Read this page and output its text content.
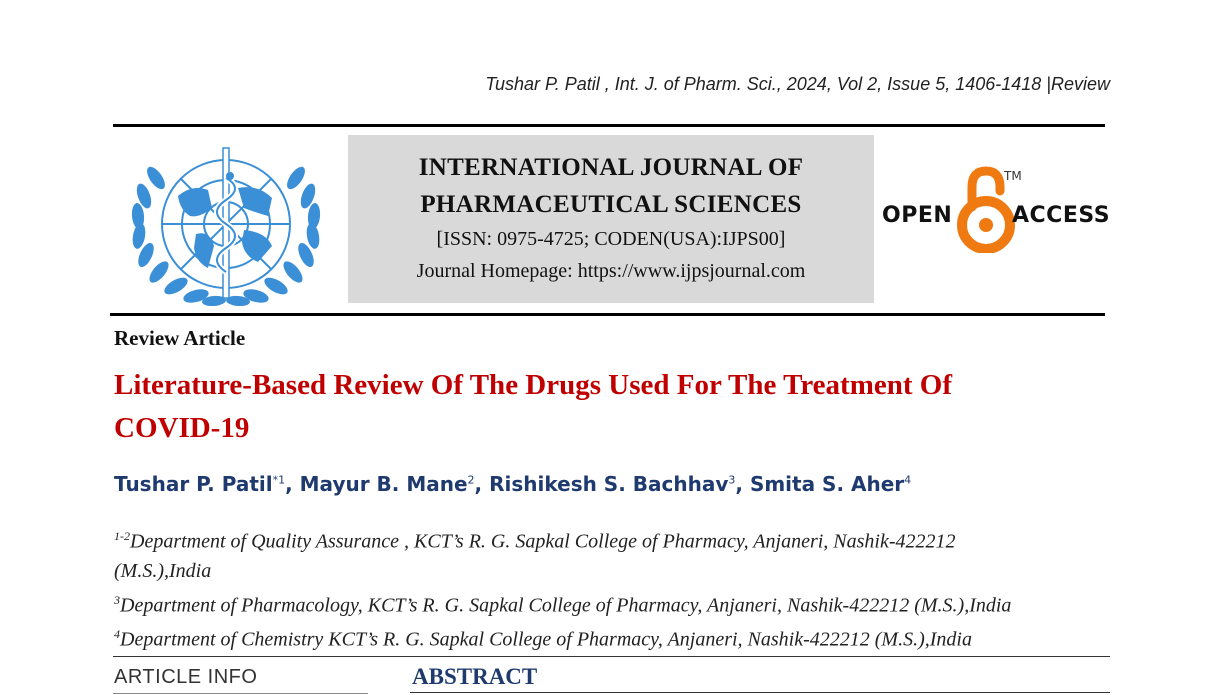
Tushar P. Patil , Int. J. of Pharm. Sci., 2024, Vol 2, Issue 5, 1406-1418 |Review
INTERNATIONAL JOURNAL OF
PHARMACEUTICAL SCIENCES
[ISSN: 0975-4725; CODEN(USA):IJPS00]
Journal Homepage: https://www.ijpsjournal.com
OPEN
TM
ACCESS
Review Article
Literature-Based Review Of The Drugs Used For The Treatment Of
COVID-19
Tushar P. Patil$^{*1}$, Mayur B. Mane$^2$, Rishikesh S. Bachhav$^3$, Smita S. Aher$^4$
$^{1-2}$Department of Quality Assurance , KCT’s R. G. Sapkal College of Pharmacy, Anjaneri, Nashik-422212
(M.S.),India
$^3$Department of Pharmacology, KCT’s R. G. Sapkal College of Pharmacy, Anjaneri, Nashik-422212 (M.S.),India
$^4$Department of Chemistry KCT’s R. G. Sapkal College of Pharmacy, Anjaneri, Nashik-422212 (M.S.),India
ARTICLE INFO	ABSTRACT
